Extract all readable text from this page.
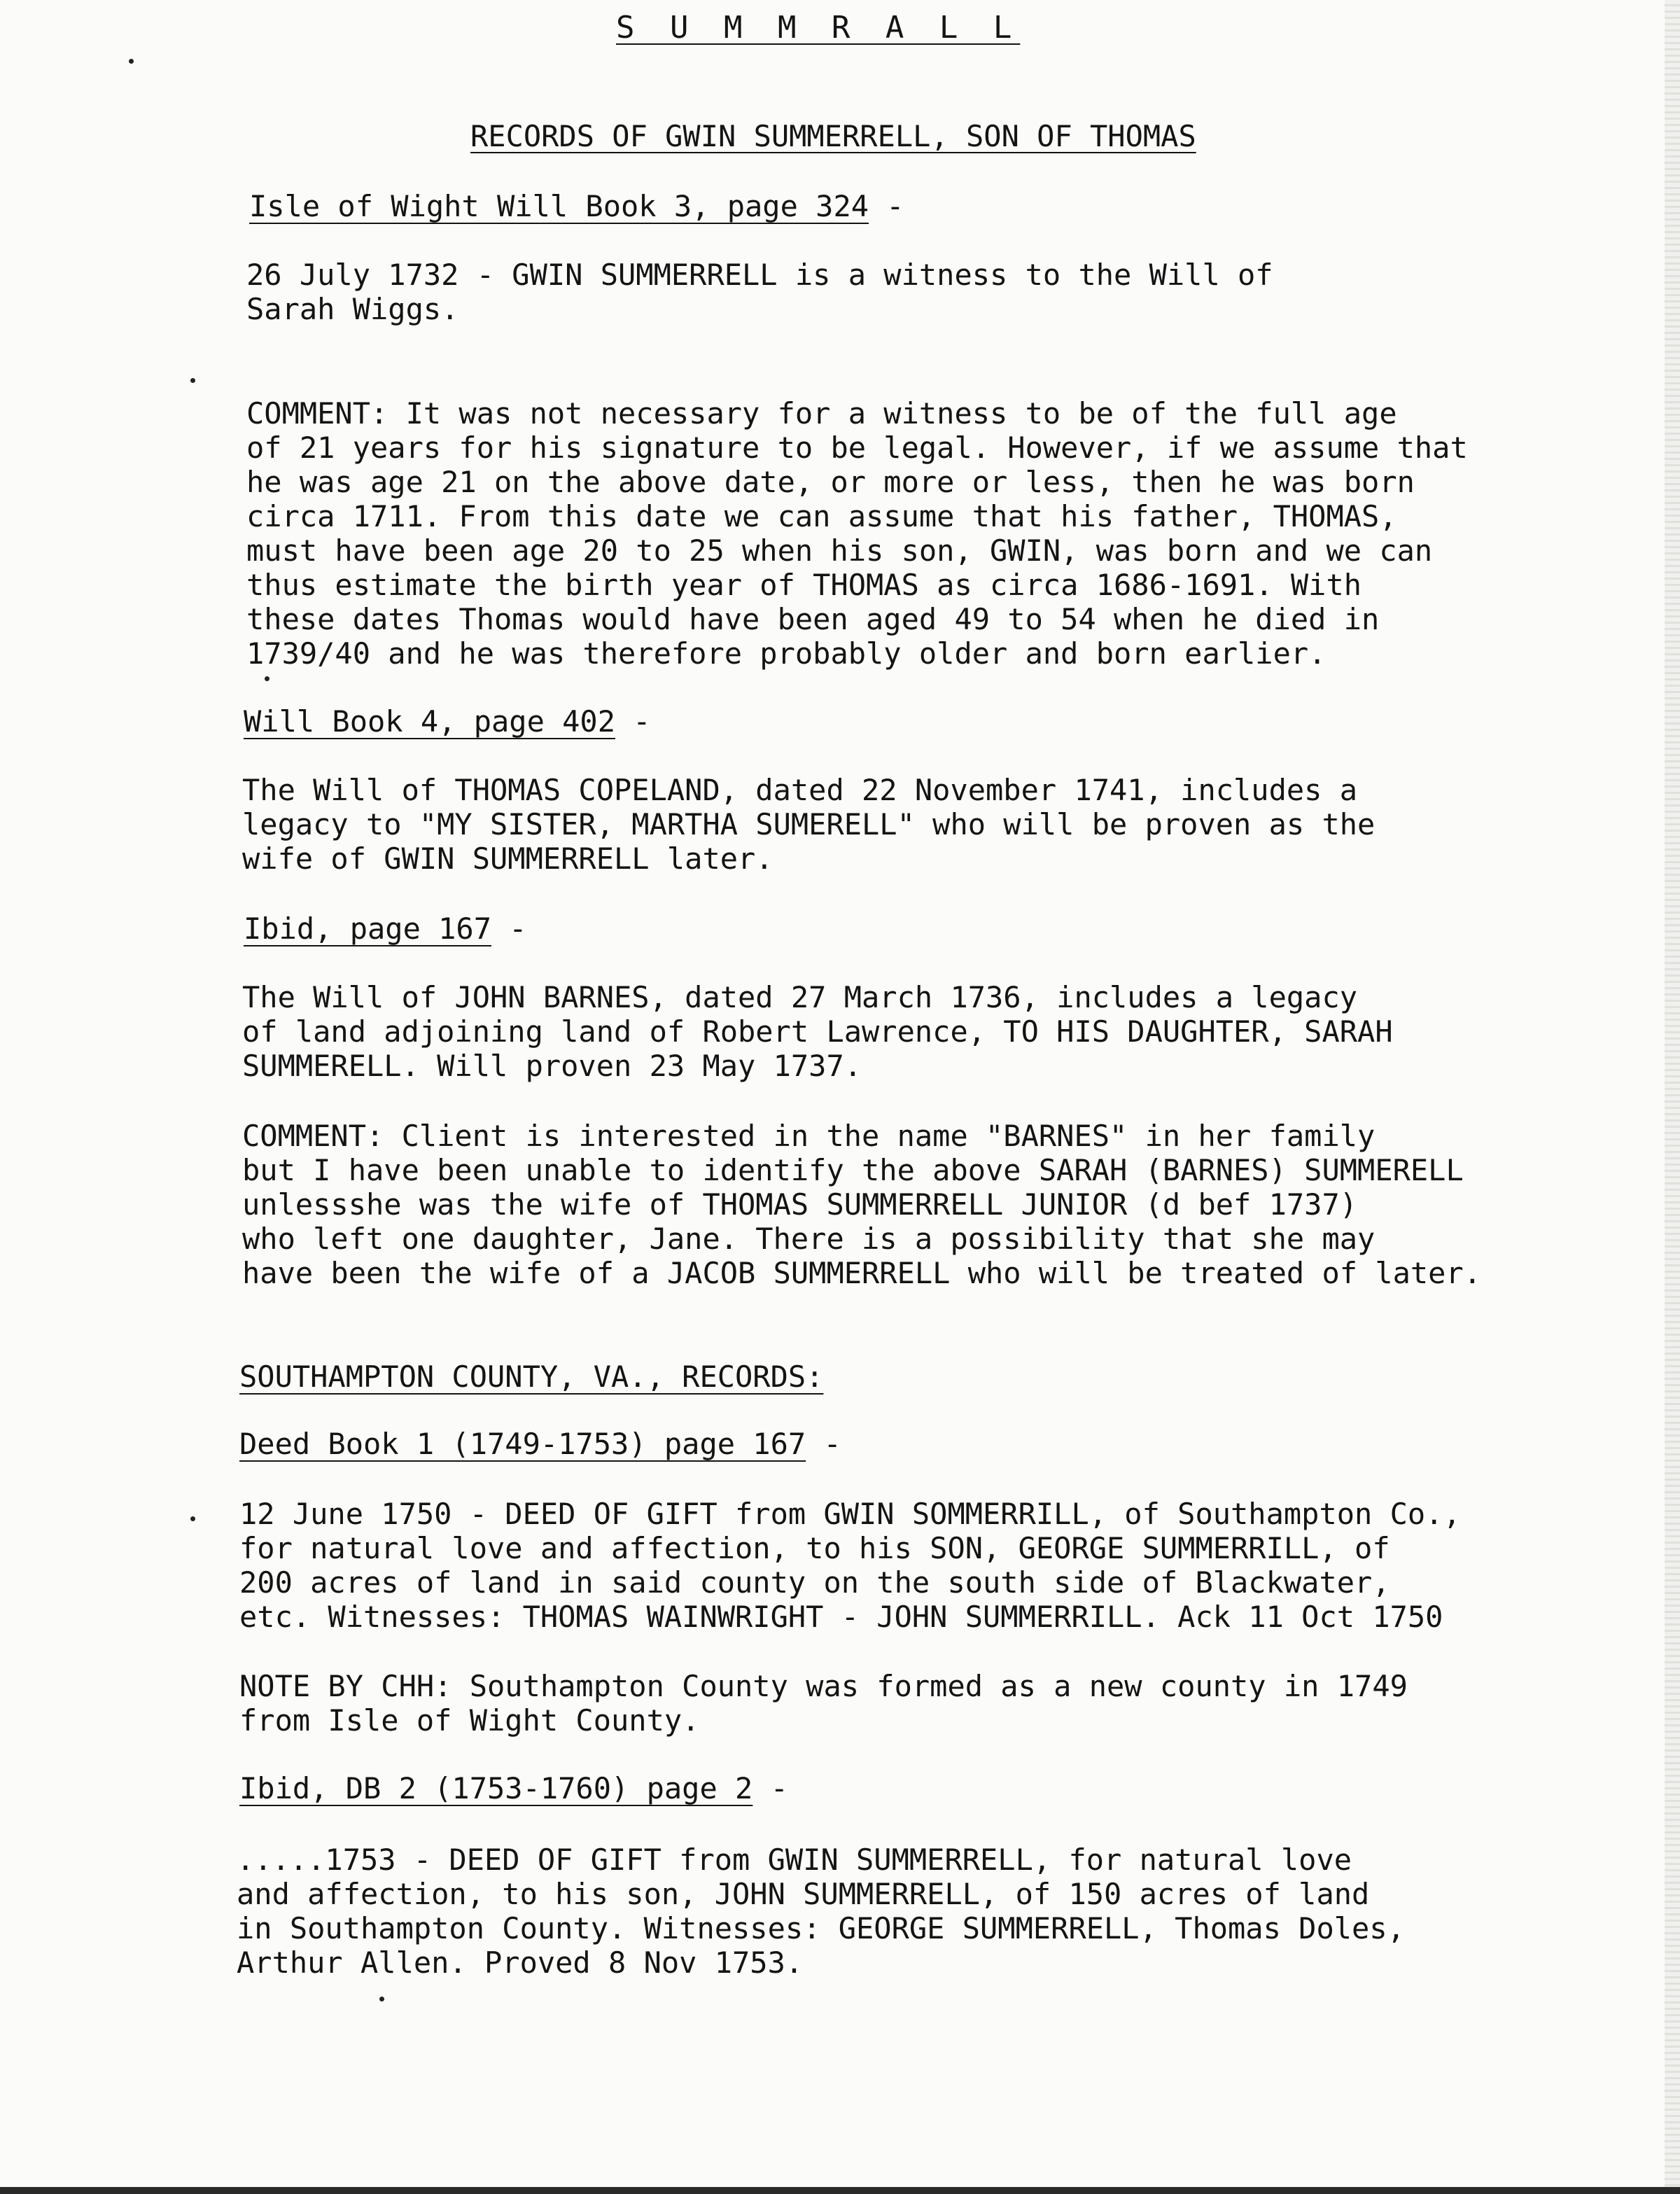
S U M M R A L L
RECORDS OF GWIN SUMMERRELL, SON OF THOMAS
Isle of Wight Will Book 3, page 324 -
26 July 1732 - GWIN SUMMERRELL is a witness to the Will of
Sarah Wiggs.
COMMENT: It was not necessary for a witness to be of the full age
of 21 years for his signature to be legal. However, if we assume that
he was age 21 on the above date, or more or less, then he was born
circa 1711. From this date we can assume that his father, THOMAS,
must have been age 20 to 25 when his son, GWIN, was born and we can
thus estimate the birth year of THOMAS as circa 1686-1691. With
these dates Thomas would have been aged 49 to 54 when he died in
1739/40 and he was therefore probably older and born earlier.
Will Book 4, page 402 -
The Will of THOMAS COPELAND, dated 22 November 1741, includes a
legacy to "MY SISTER, MARTHA SUMERELL" who will be proven as the
wife of GWIN SUMMERRELL later.
Ibid, page 167 -
The Will of JOHN BARNES, dated 27 March 1736, includes a legacy
of land adjoining land of Robert Lawrence, TO HIS DAUGHTER, SARAH
SUMMERELL. Will proven 23 May 1737.
COMMENT: Client is interested in the name "BARNES" in her family
but I have been unable to identify the above SARAH (BARNES) SUMMERELL
unlessshe was the wife of THOMAS SUMMERRELL JUNIOR (d bef 1737)
who left one daughter, Jane. There is a possibility that she may
have been the wife of a JACOB SUMMERRELL who will be treated of later.
SOUTHAMPTON COUNTY, VA., RECORDS:
Deed Book 1 (1749-1753) page 167 -
12 June 1750 - DEED OF GIFT from GWIN SOMMERRILL, of Southampton Co.,
for natural love and affection, to his SON, GEORGE SUMMERRILL, of
200 acres of land in said county on the south side of Blackwater,
etc. Witnesses: THOMAS WAINWRIGHT - JOHN SUMMERRILL. Ack 11 Oct 1750
NOTE BY CHH: Southampton County was formed as a new county in 1749
from Isle of Wight County.
Ibid, DB 2 (1753-1760) page 2 -
.....1753 - DEED OF GIFT from GWIN SUMMERRELL, for natural love
and affection, to his son, JOHN SUMMERRELL, of 150 acres of land
in Southampton County. Witnesses: GEORGE SUMMERRELL, Thomas Doles,
Arthur Allen. Proved 8 Nov 1753.
